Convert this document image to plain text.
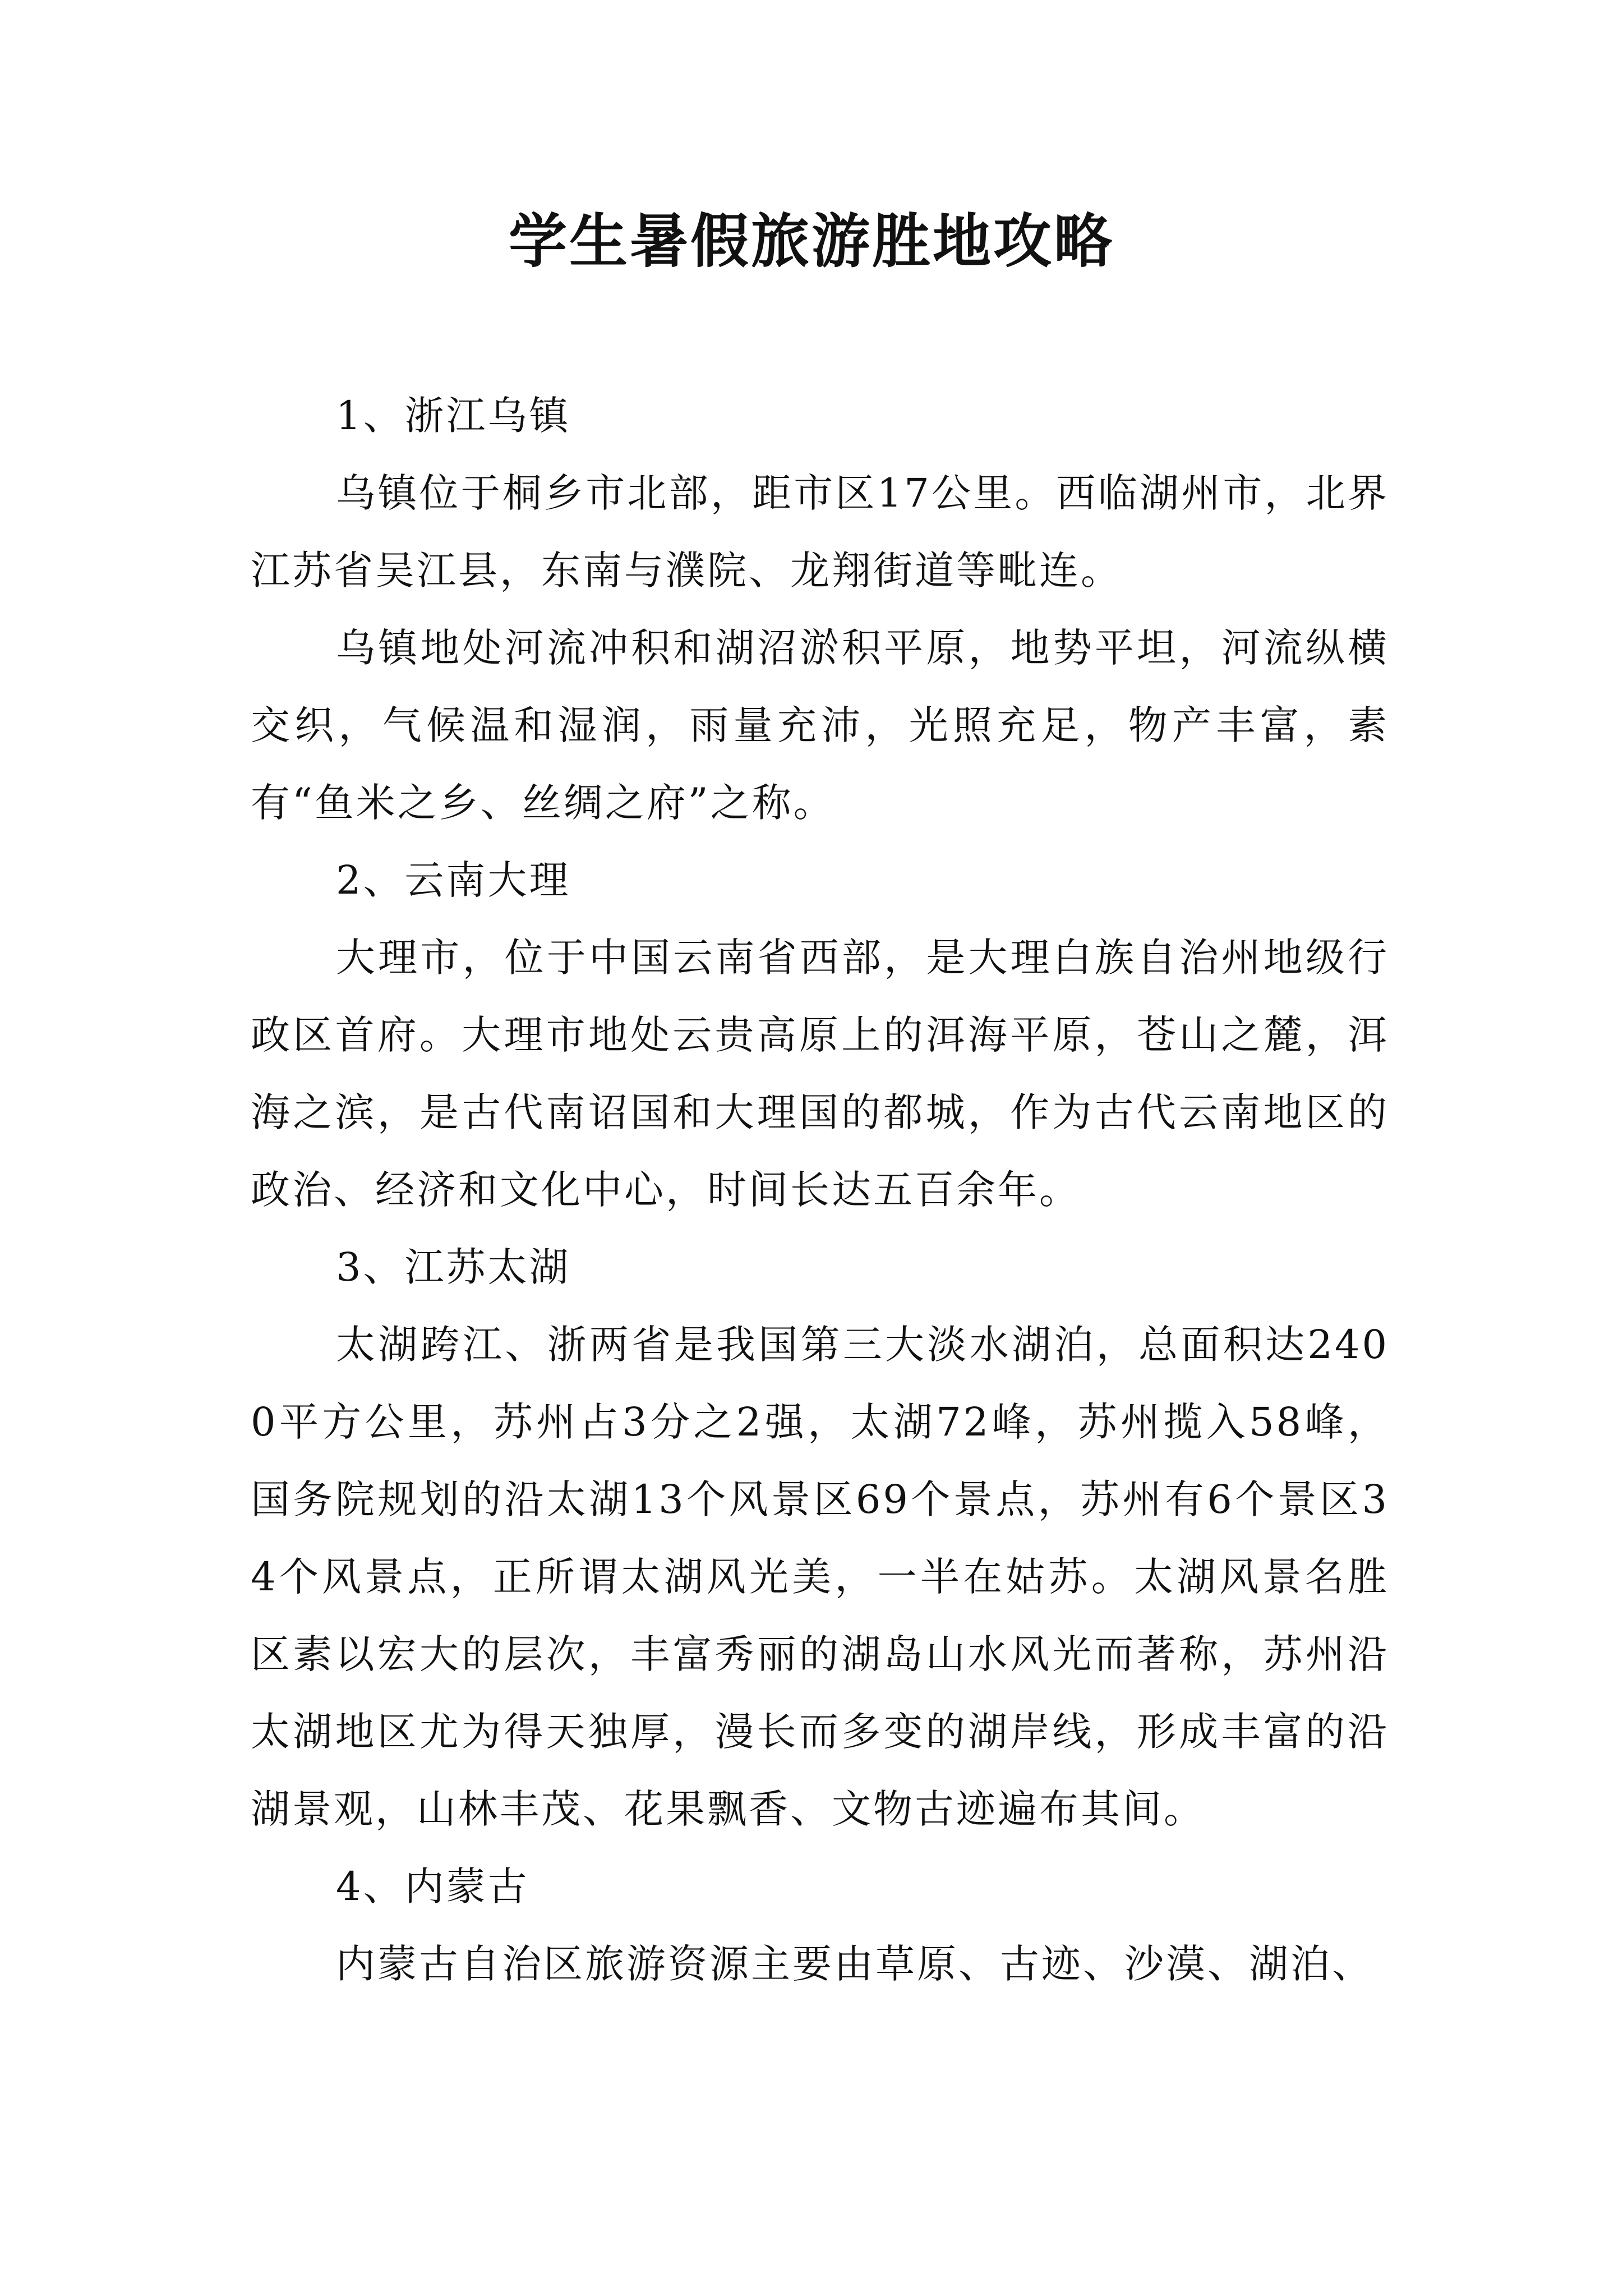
学生暑假旅游胜地攻略

1、浙江乌镇

乌镇位于桐乡市北部，距市区17公里。西临湖州市，北界江苏省吴江县，东南与濮院、龙翔街道等毗连。

乌镇地处河流冲积和湖沼淤积平原，地势平坦，河流纵横交织，气候温和湿润，雨量充沛，光照充足，物产丰富，素有“鱼米之乡、丝绸之府”之称。

2、云南大理

大理市，位于中国云南省西部，是大理白族自治州地级行政区首府。大理市地处云贵高原上的洱海平原，苍山之麓，洱海之滨，是古代南诏国和大理国的都城，作为古代云南地区的政治、经济和文化中心，时间长达五百余年。

3、江苏太湖

太湖跨江、浙两省是我国第三大淡水湖泊，总面积达2400平方公里，苏州占3分之2强，太湖72峰，苏州揽入58峰，国务院规划的沿太湖13个风景区69个景点，苏州有6个景区34个风景点，正所谓太湖风光美，一半在姑苏。太湖风景名胜区素以宏大的层次，丰富秀丽的湖岛山水风光而著称，苏州沿太湖地区尤为得天独厚，漫长而多变的湖岸线，形成丰富的沿湖景观，山林丰茂、花果飘香、文物古迹遍布其间。

4、内蒙古

内蒙古自治区旅游资源主要由草原、古迹、沙漠、湖泊、
